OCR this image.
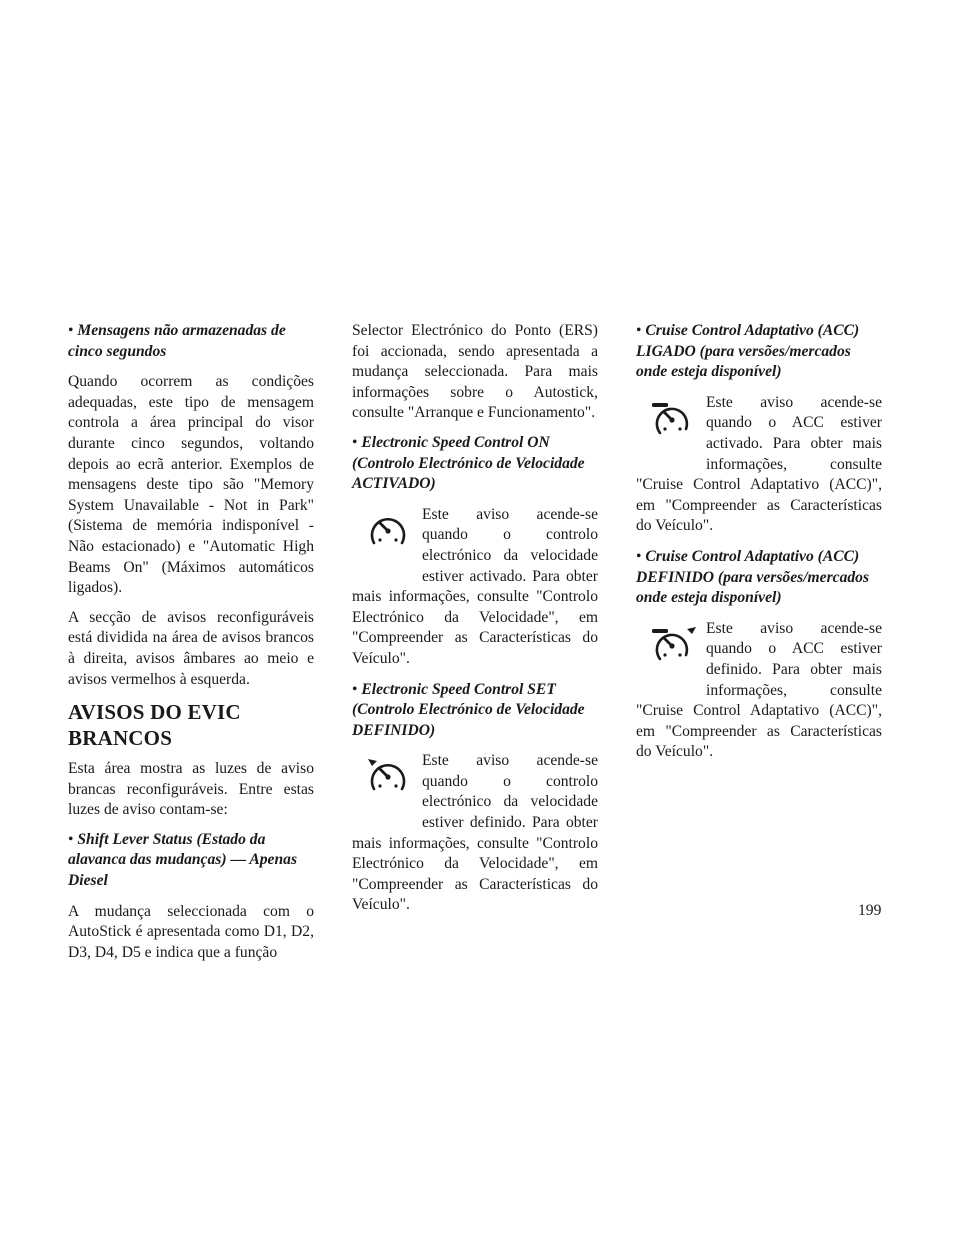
• Mensagens não armazenadas de cinco segundos

Quando ocorrem as condições adequadas, este tipo de mensagem controla a área principal do visor durante cinco segundos, voltando depois ao ecrã anterior. Exemplos de mensagens deste tipo são "Memory System Unavailable - Not in Park" (Sistema de memória indisponível - Não estacionado) e "Automatic High Beams On" (Máximos automáticos ligados).

A secção de avisos reconfiguráveis está dividida na área de avisos brancos à direita, avisos âmbares ao meio e avisos vermelhos à esquerda.

AVISOS DO EVIC BRANCOS

Esta área mostra as luzes de aviso brancas reconfiguráveis. Entre estas luzes de aviso contam-se:

• Shift Lever Status (Estado da alavanca das mudanças) — Apenas Diesel

A mudança seleccionada com o AutoStick é apresentada como D1, D2, D3, D4, D5 e indica que a função

Selector Electrónico do Ponto (ERS) foi accionada, sendo apresentada a mudança seleccionada. Para mais informações sobre o Autostick, consulte "Arranque e Funcionamento".

• Electronic Speed Control ON (Controlo Electrónico de Velocidade ACTIVADO)

Este aviso acende-se quando o controlo electrónico da velocidade estiver activado. Para obter mais informações, consulte "Controlo Electrónico da Velocidade", em "Compreender as Características do Veículo".

• Electronic Speed Control SET (Controlo Electrónico de Velocidade DEFINIDO)

Este aviso acende-se quando o controlo electrónico da velocidade estiver definido. Para obter mais informações, consulte "Controlo Electrónico da Velocidade", em "Compreender as Características do Veículo".

• Cruise Control Adaptativo (ACC) LIGADO (para versões/mercados onde esteja disponível)

Este aviso acende-se quando o ACC estiver activado. Para obter mais informações, consulte "Cruise Control Adaptativo (ACC)", em "Compreender as Características do Veículo".

• Cruise Control Adaptativo (ACC) DEFINIDO (para versões/mercados onde esteja disponível)

Este aviso acende-se quando o ACC estiver definido. Para obter mais informações, consulte "Cruise Control Adaptativo (ACC)", em "Compreender as Características do Veículo".
199
